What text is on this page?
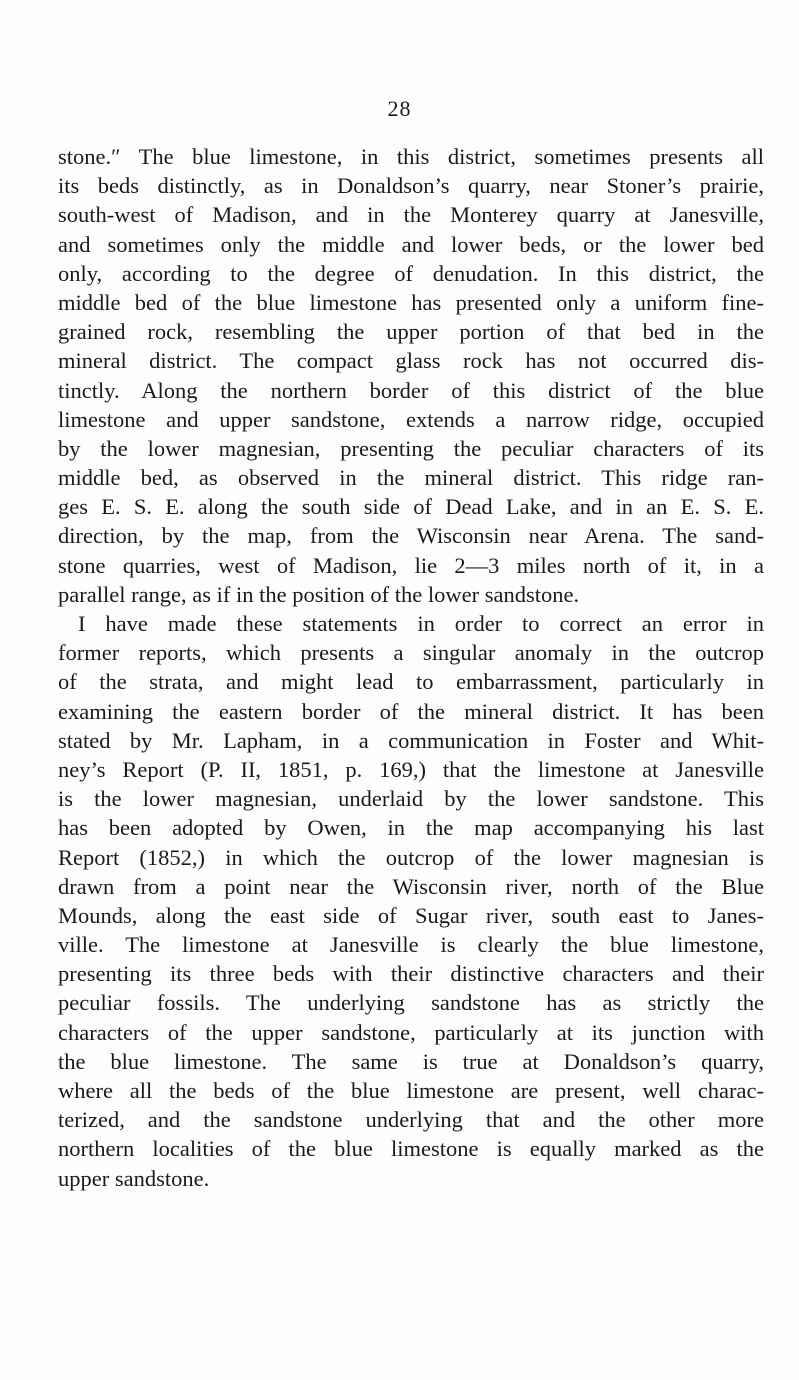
28
stone.″ The blue limestone, in this district, sometimes presents all
its beds distinctly, as in Donaldson’s quarry, near Stoner’s prairie,
south-west of Madison, and in the Monterey quarry at Janesville,
and sometimes only the middle and lower beds, or the lower bed
only, according to the degree of denudation. In this district, the
middle bed of the blue limestone has presented only a uniform fine-
grained rock, resembling the upper portion of that bed in the
mineral district. The compact glass rock has not occurred dis-
tinctly. Along the northern border of this district of the blue
limestone and upper sandstone, extends a narrow ridge, occupied
by the lower magnesian, presenting the peculiar characters of its
middle bed, as observed in the mineral district. This ridge ran-
ges E. S. E. along the south side of Dead Lake, and in an E. S. E.
direction, by the map, from the Wisconsin near Arena. The sand-
stone quarries, west of Madison, lie 2—3 miles north of it, in a
parallel range, as if in the position of the lower sandstone.
I have made these statements in order to correct an error in
former reports, which presents a singular anomaly in the outcrop
of the strata, and might lead to embarrassment, particularly in
examining the eastern border of the mineral district. It has been
stated by Mr. Lapham, in a communication in Foster and Whit-
ney’s Report (P. II, 1851, p. 169,) that the limestone at Janesville
is the lower magnesian, underlaid by the lower sandstone. This
has been adopted by Owen, in the map accompanying his last
Report (1852,) in which the outcrop of the lower magnesian is
drawn from a point near the Wisconsin river, north of the Blue
Mounds, along the east side of Sugar river, south east to Janes-
ville. The limestone at Janesville is clearly the blue limestone,
presenting its three beds with their distinctive characters and their
peculiar fossils. The underlying sandstone has as strictly the
characters of the upper sandstone, particularly at its junction with
the blue limestone. The same is true at Donaldson’s quarry,
where all the beds of the blue limestone are present, well charac-
terized, and the sandstone underlying that and the other more
northern localities of the blue limestone is equally marked as the
upper sandstone.
